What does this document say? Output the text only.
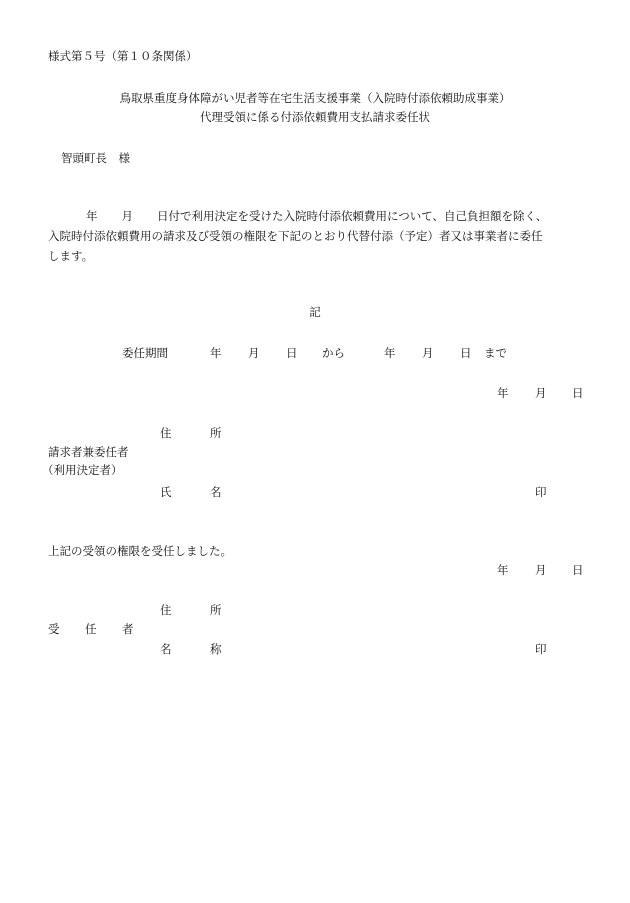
様式第５号（第１０条関係）
鳥取県重度身体障がい児者等在宅生活支援事業（入院時付添依頼助成事業）
代理受領に係る付添依頼費用支払請求委任状
智頭町長　様
年 月 日付で利用決定を受けた入院時付添依頼費用について、自己負担額を除く、
入院時付添依頼費用の請求及び受領の権限を下記のとおり代替付添（予定）者又は事業者に委任
します。
記
委任期間	年 月 日 から	年 月 日 まで
年 月 日
住	所
請求者兼委任者
（利用決定者）
氏	名	印
上記の受領の権限を受任しました。
年 月 日
住	所
受 任 者
名	称	印
